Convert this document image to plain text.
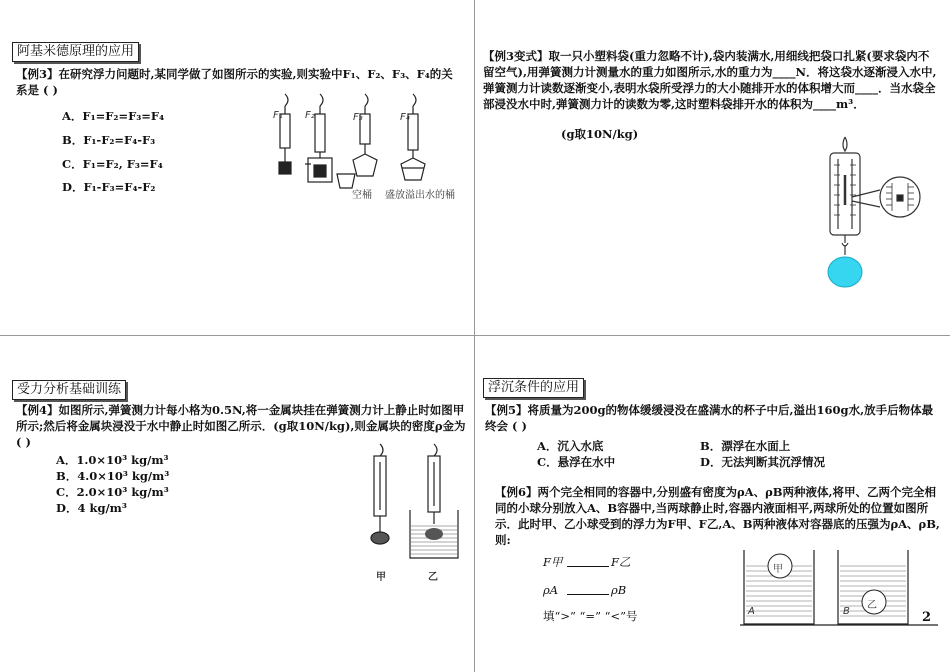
阿基米德原理的应用
【例3】在研究浮力问题时,某同学做了如图所示的实验,则实验中F₁、F₂、F₃、F₄的关系是 ( )
A．F₁=F₂=F₃=F₄
B．F₁-F₂=F₄-F₃
C．F₁=F₂, F₃=F₄
D．F₁-F₃=F₄-F₂
F₁ F₂	F₃	F₄
空桶 盛放溢出水的桶
【例3变式】取一只小塑料袋(重力忽略不计),袋内装满水,用细线把袋口扎紧(要求袋内不留空气),用弹簧测力计测量水的重力如图所示,水的重力为____N．将这袋水逐渐浸入水中,弹簧测力计读数逐渐变小,表明水袋所受浮力的大小随排开水的体积增大而____．当水袋全部浸没水中时,弹簧测力计的读数为零,这时塑料袋排开水的体积为____m³．
(g取10N/kg)
受力分析基础训练
【例4】如图所示,弹簧测力计每小格为0.5N,将一金属块挂在弹簧测力计上静止时如图甲所示;然后将金属块浸没于水中静止时如图乙所示．(g取10N/kg),则金属块的密度ρ金为 ( )
A．1.0×10³ kg/m³
B．4.0×10³ kg/m³
C．2.0×10³ kg/m³
D．4 kg/m³
甲	乙
浮沉条件的应用
【例5】将质量为200g的物体缓缓浸没在盛满水的杯子中后,溢出160g水,放手后物体最终会 ( )
A．沉入水底	B．漂浮在水面上
C．悬浮在水中	D．无法判断其沉浮情况
【例6】两个完全相同的容器中,分别盛有密度为ρA、ρB两种液体,将甲、乙两个完全相同的小球分别放入A、B容器中,当两球静止时,容器内液面相平,两球所处的位置如图所示．此时甲、乙小球受到的浮力为F甲、F乙,A、B两种液体对容器底的压强为ρA、ρB,则:
F甲	F乙
ρA	ρB
填“>” “=” “<”号
甲
乙
A	B	2
